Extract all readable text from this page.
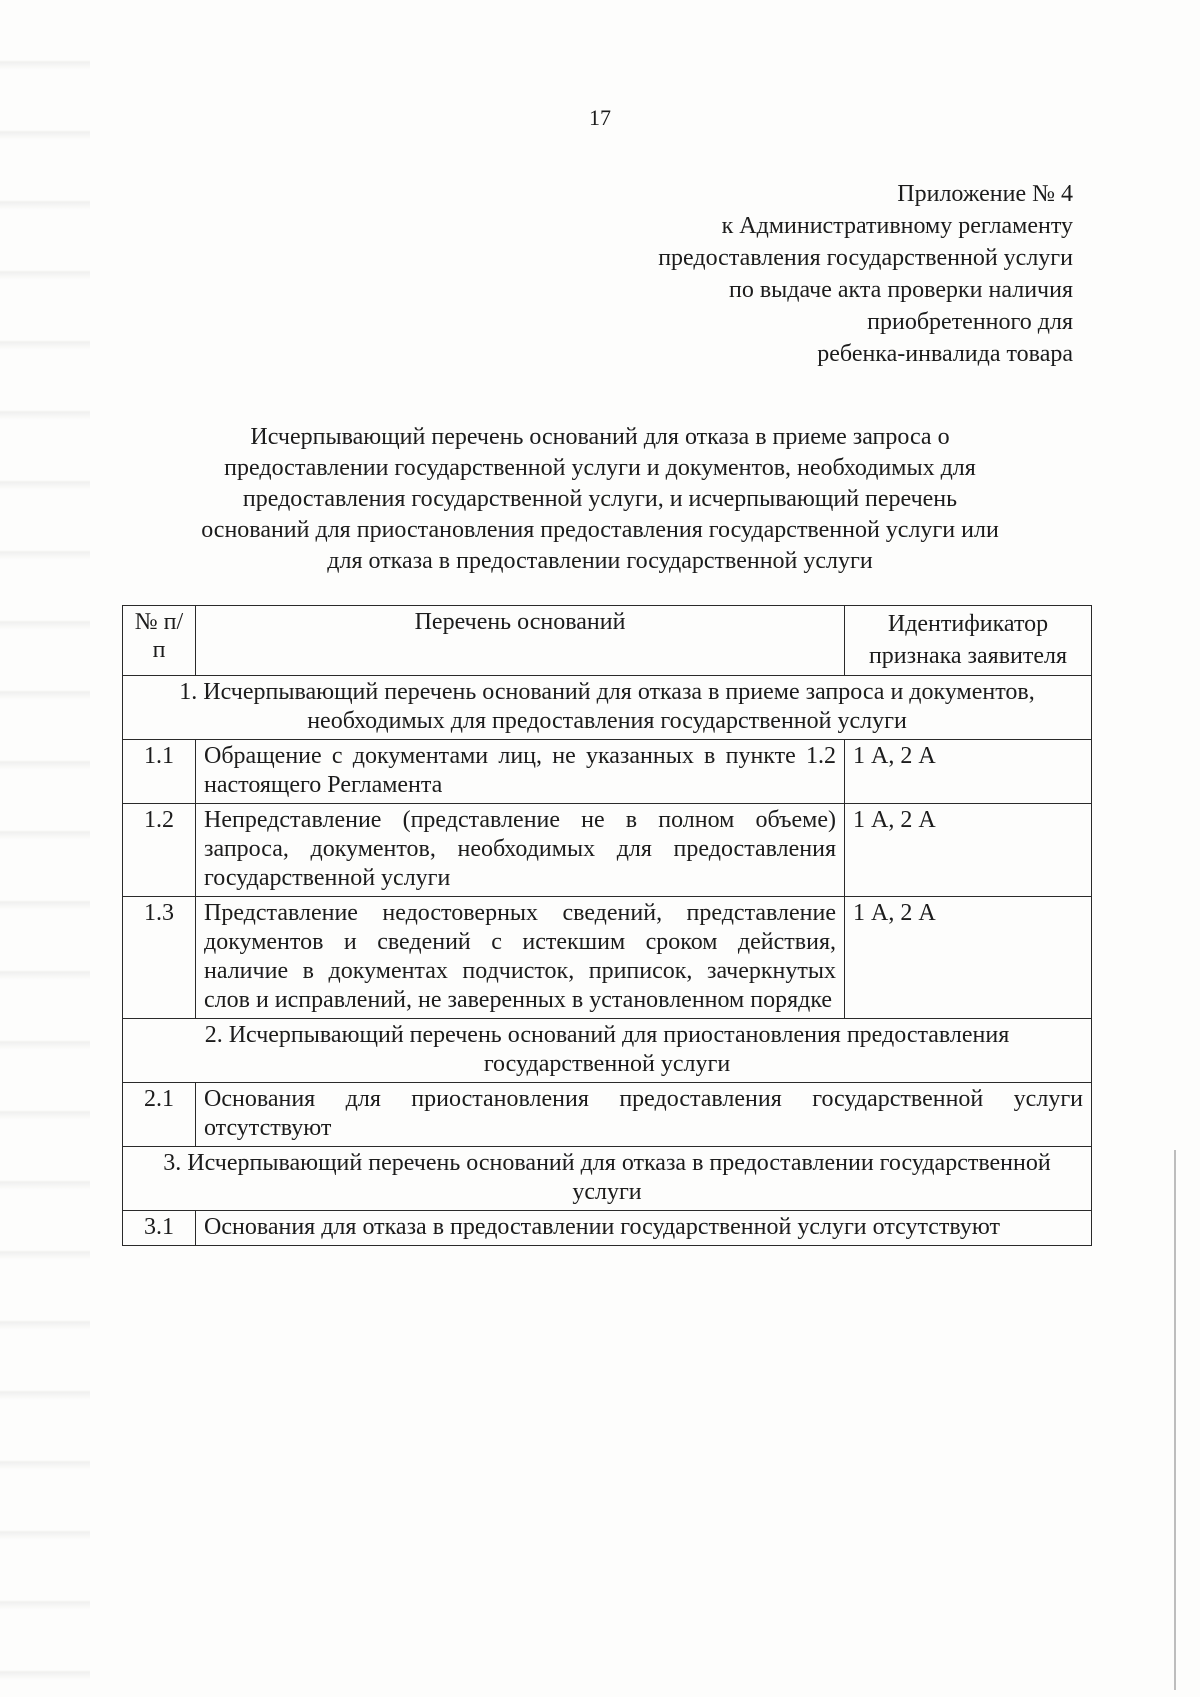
17
Приложение № 4
к Административному регламенту
предоставления государственной услуги
по выдаче акта проверки наличия
приобретенного для
ребенка-инвалида товара
Исчерпывающий перечень оснований для отказа в приеме запроса о
предоставлении государственной услуги и документов, необходимых для
предоставления государственной услуги, и исчерпывающий перечень
оснований для приостановления предоставления государственной услуги или
для отказа в предоставлении государственной услуги
№ п/п	Перечень оснований	Идентификатор признака заявителя
1. Исчерпывающий перечень оснований для отказа в приеме запроса и документов, необходимых для предоставления государственной услуги		
1.1	Обращение с документами лиц, не указанных в пункте 1.2 настоящего Регламента	1 А, 2 А
1.2	Непредставление (представление не в полном объеме) запроса, документов, необходимых для предоставления государственной услуги	1 А, 2 А
1.3	Представление недостоверных сведений, представление документов и сведений с истекшим сроком действия, наличие в документах подчисток, приписок, зачеркнутых слов и исправлений, не заверенных в установленном порядке	1 А, 2 А
2. Исчерпывающий перечень оснований для приостановления предоставления государственной услуги		
2.1	Основания для приостановления предоставления государственной услуги отсутствуют	
3. Исчерпывающий перечень оснований для отказа в предоставлении государственной услуги		
3.1	Основания для отказа в предоставлении государственной услуги отсутствуют	
